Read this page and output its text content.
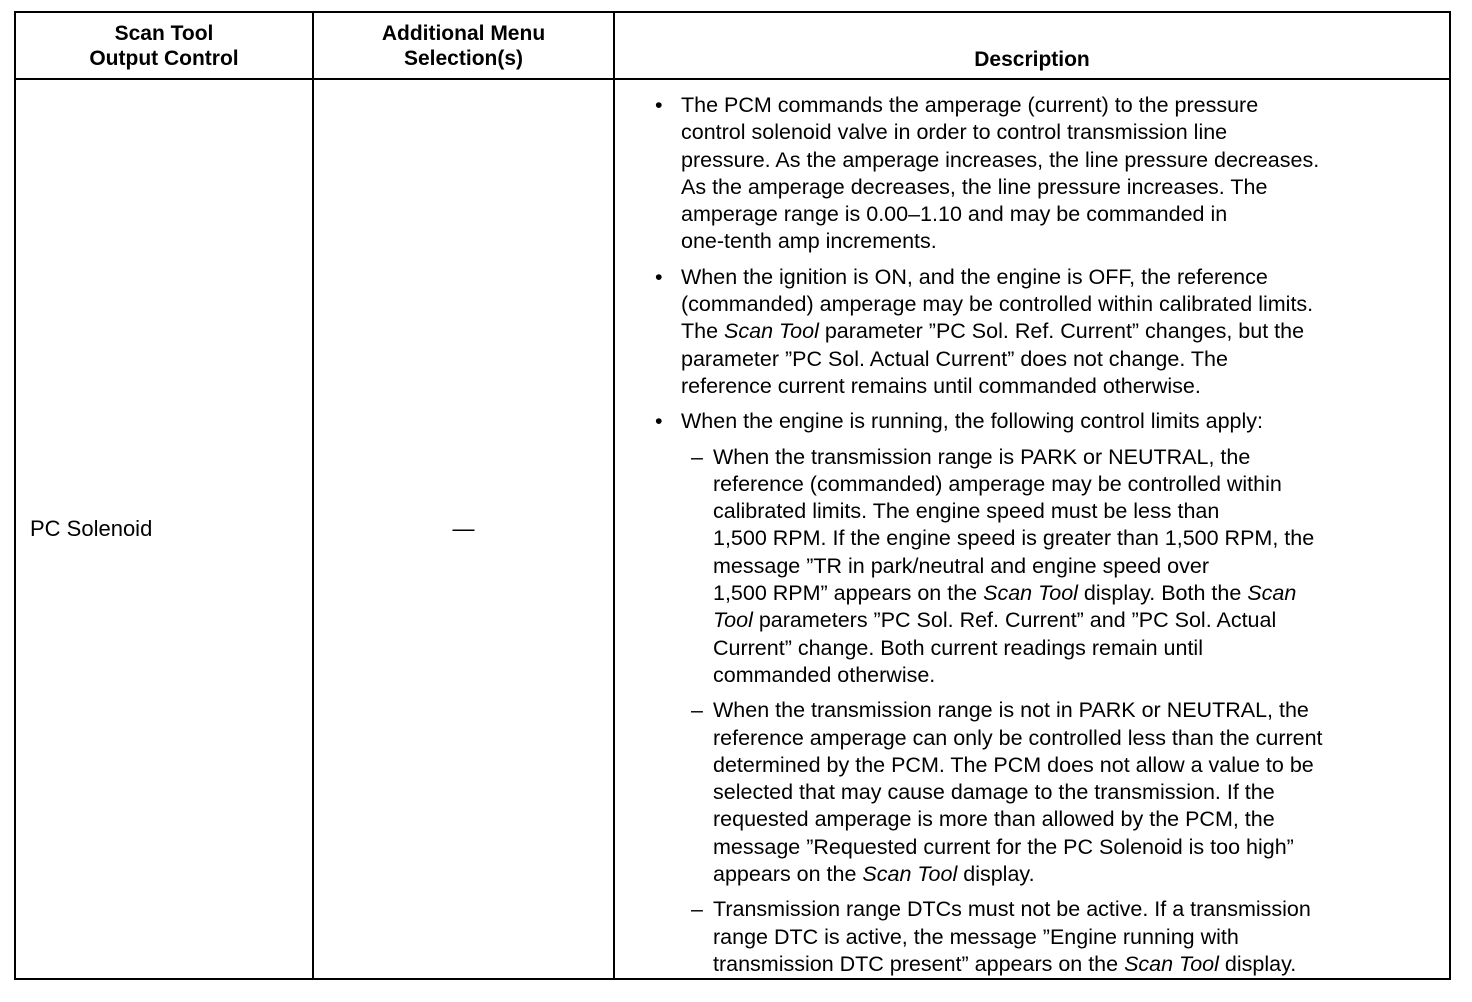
Scan Tool
Output Control
Additional Menu
Selection(s)	Description
PC Solenoid	—
• The PCM commands the amperage (current) to the pressure
control solenoid valve in order to control transmission line
pressure. As the amperage increases, the line pressure decreases.
As the amperage decreases, the line pressure increases. The
amperage range is 0.00–1.10 and may be commanded in
one-tenth amp increments.
• When the ignition is ON, and the engine is OFF, the reference
(commanded) amperage may be controlled within calibrated limits.
The Scan Tool parameter ”PC Sol. Ref. Current” changes, but the
parameter ”PC Sol. Actual Current” does not change. The
reference current remains until commanded otherwise.
• When the engine is running, the following control limits apply:
– When the transmission range is PARK or NEUTRAL, the
reference (commanded) amperage may be controlled within
calibrated limits. The engine speed must be less than
1,500 RPM. If the engine speed is greater than 1,500 RPM, the
message ”TR in park/neutral and engine speed over
1,500 RPM” appears on the Scan Tool display. Both the Scan
Tool parameters ”PC Sol. Ref. Current” and ”PC Sol. Actual
Current” change. Both current readings remain until
commanded otherwise.
– When the transmission range is not in PARK or NEUTRAL, the
reference amperage can only be controlled less than the current
determined by the PCM. The PCM does not allow a value to be
selected that may cause damage to the transmission. If the
requested amperage is more than allowed by the PCM, the
message ”Requested current for the PC Solenoid is too high”
appears on the Scan Tool display.
– Transmission range DTCs must not be active. If a transmission
range DTC is active, the message ”Engine running with
transmission DTC present” appears on the Scan Tool display.
